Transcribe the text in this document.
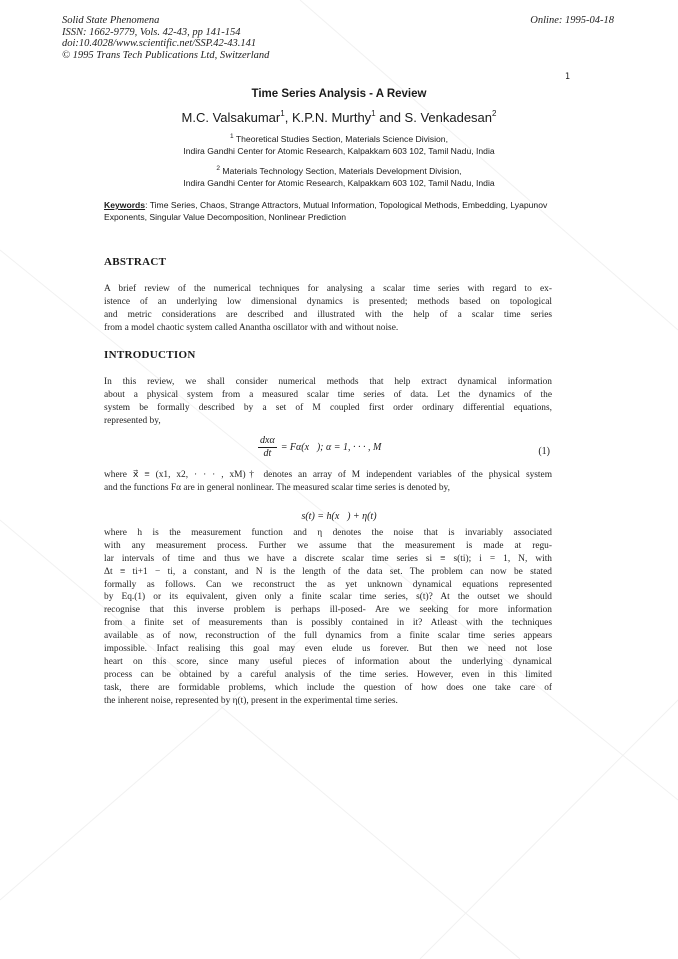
Solid State Phenomena
ISSN: 1662-9779, Vols. 42-43, pp 141-154
doi:10.4028/www.scientific.net/SSP.42-43.141
© 1995 Trans Tech Publications Ltd, Switzerland
Online: 1995-04-18
1
Time Series Analysis - A Review
M.C. Valsakumar$^1$, K.P.N. Murthy$^1$ and S. Venkadesan$^2$
$^1$ Theoretical Studies Section, Materials Science Division,
Indira Gandhi Center for Atomic Research, Kalpakkam 603 102, Tamil Nadu, India
$^2$ Materials Technology Section, Materials Development Division,
Indira Gandhi Center for Atomic Research, Kalpakkam 603 102, Tamil Nadu, India
Keywords: Time Series, Chaos, Strange Attractors, Mutual Information, Topological Methods, Embedding, Lyapunov Exponents, Singular Value Decomposition, Nonlinear Prediction
ABSTRACT
A brief review of the numerical techniques for analysing a scalar time series with regard to ex-
istence of an underlying low dimensional dynamics is presented; methods based on topological
and metric considerations are described and illustrated with the help of a scalar time series
from a model chaotic system called Anantha oscillator with and without noise.
INTRODUCTION
In this review, we shall consider numerical methods that help extract dynamical information
about a physical system from a measured scalar time series of data. Let the dynamics of the
system be formally described by a set of M coupled first order ordinary differential equations,
represented by,
$\frac{\text{dxα}}{dt}$ = Fα(x⃗); α = 1, · · · , M	(1)
where x⃗ ≡ (x1, x2, · · · , xM)† denotes an array of M independent variables of the physical system
and the functions Fα are in general nonlinear. The measured scalar time series is denoted by,
s(t) = h(x⃗) + η(t)
where h is the measurement function and η denotes the noise that is invariably associated
with any measurement process. Further we assume that the measurement is made at regu-
lar intervals of time and thus we have a discrete scalar time series si ≡ s(ti); i = 1, N, with
Δt ≡ ti+1 − ti, a constant, and N is the length of the data set. The problem can now be stated
formally as follows. Can we reconstruct the as yet unknown dynamical equations represented
by Eq.(1) or its equivalent, given only a finite scalar time series, s(t)? At the outset we should
recognise that this inverse problem is perhaps ill-posed- Are we seeking for more information
from a finite set of measurements than is possibly contained in it? Atleast with the techniques
available as of now, reconstruction of the full dynamics from a finite scalar time series appears
impossible. Infact realising this goal may even elude us forever. But then we need not lose
heart on this score, since many useful pieces of information about the underlying dynamical
process can be obtained by a careful analysis of the time series. However, even in this limited
task, there are formidable problems, which include the question of how does one take care of
the inherent noise, represented by η(t), present in the experimental time series.
